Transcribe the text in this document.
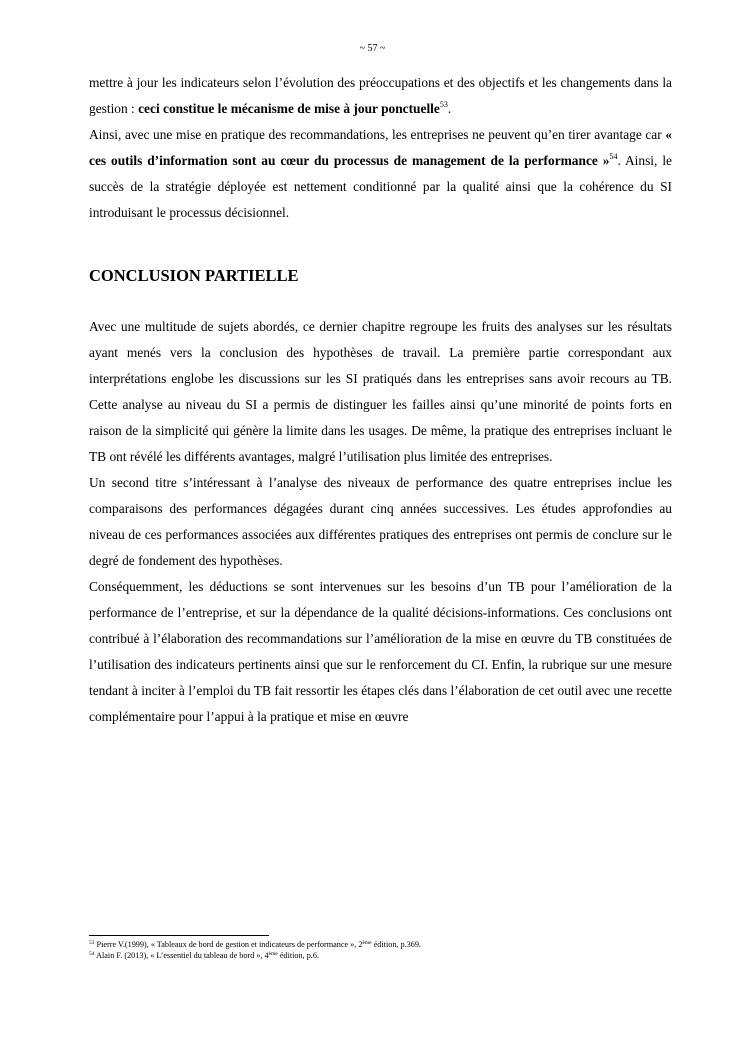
~ 57 ~

mettre à jour les indicateurs selon l’évolution des préoccupations et des objectifs et les changements dans la gestion : ceci constitue le mécanisme de mise à jour ponctuelle$^{53}$.

Ainsi, avec une mise en pratique des recommandations, les entreprises ne peuvent qu’en tirer avantage car « ces outils d’information sont au cœur du processus de management de la performance »$^{54}$. Ainsi, le succès de la stratégie déployée est nettement conditionné par la qualité ainsi que la cohérence du SI introduisant le processus décisionnel.

CONCLUSION PARTIELLE

Avec une multitude de sujets abordés, ce dernier chapitre regroupe les fruits des analyses sur les résultats ayant menés vers la conclusion des hypothèses de travail. La première partie correspondant aux interprétations englobe les discussions sur les SI pratiqués dans les entreprises sans avoir recours au TB. Cette analyse au niveau du SI a permis de distinguer les failles ainsi qu’une minorité de points forts en raison de la simplicité qui génère la limite dans les usages. De même, la pratique des entreprises incluant le TB ont révélé les différents avantages, malgré l’utilisation plus limitée des entreprises.

Un second titre s’intéressant à l’analyse des niveaux de performance des quatre entreprises inclue les comparaisons des performances dégagées durant cinq années successives. Les études approfondies au niveau de ces performances associées aux différentes pratiques des entreprises ont permis de conclure sur le degré de fondement des hypothèses.

Conséquemment, les déductions se sont intervenues sur les besoins d’un TB pour l’amélioration de la performance de l’entreprise, et sur la dépendance de la qualité décisions-informations. Ces conclusions ont contribué à l’élaboration des recommandations sur l’amélioration de la mise en œuvre du TB constituées de l’utilisation des indicateurs pertinents ainsi que sur le renforcement du CI. Enfin, la rubrique sur une mesure tendant à inciter à l’emploi du TB fait ressortir les étapes clés dans l’élaboration de cet outil avec une recette complémentaire pour l’appui à la pratique et mise en œuvre

$^{53}$ Pierre V.(1999), « Tableaux de bord de gestion et indicateurs de performance », 2ème édition, p.369.
$^{54}$ Alain F. (2013), « L’essentiel du tableau de bord », 4ème édition, p.6.
